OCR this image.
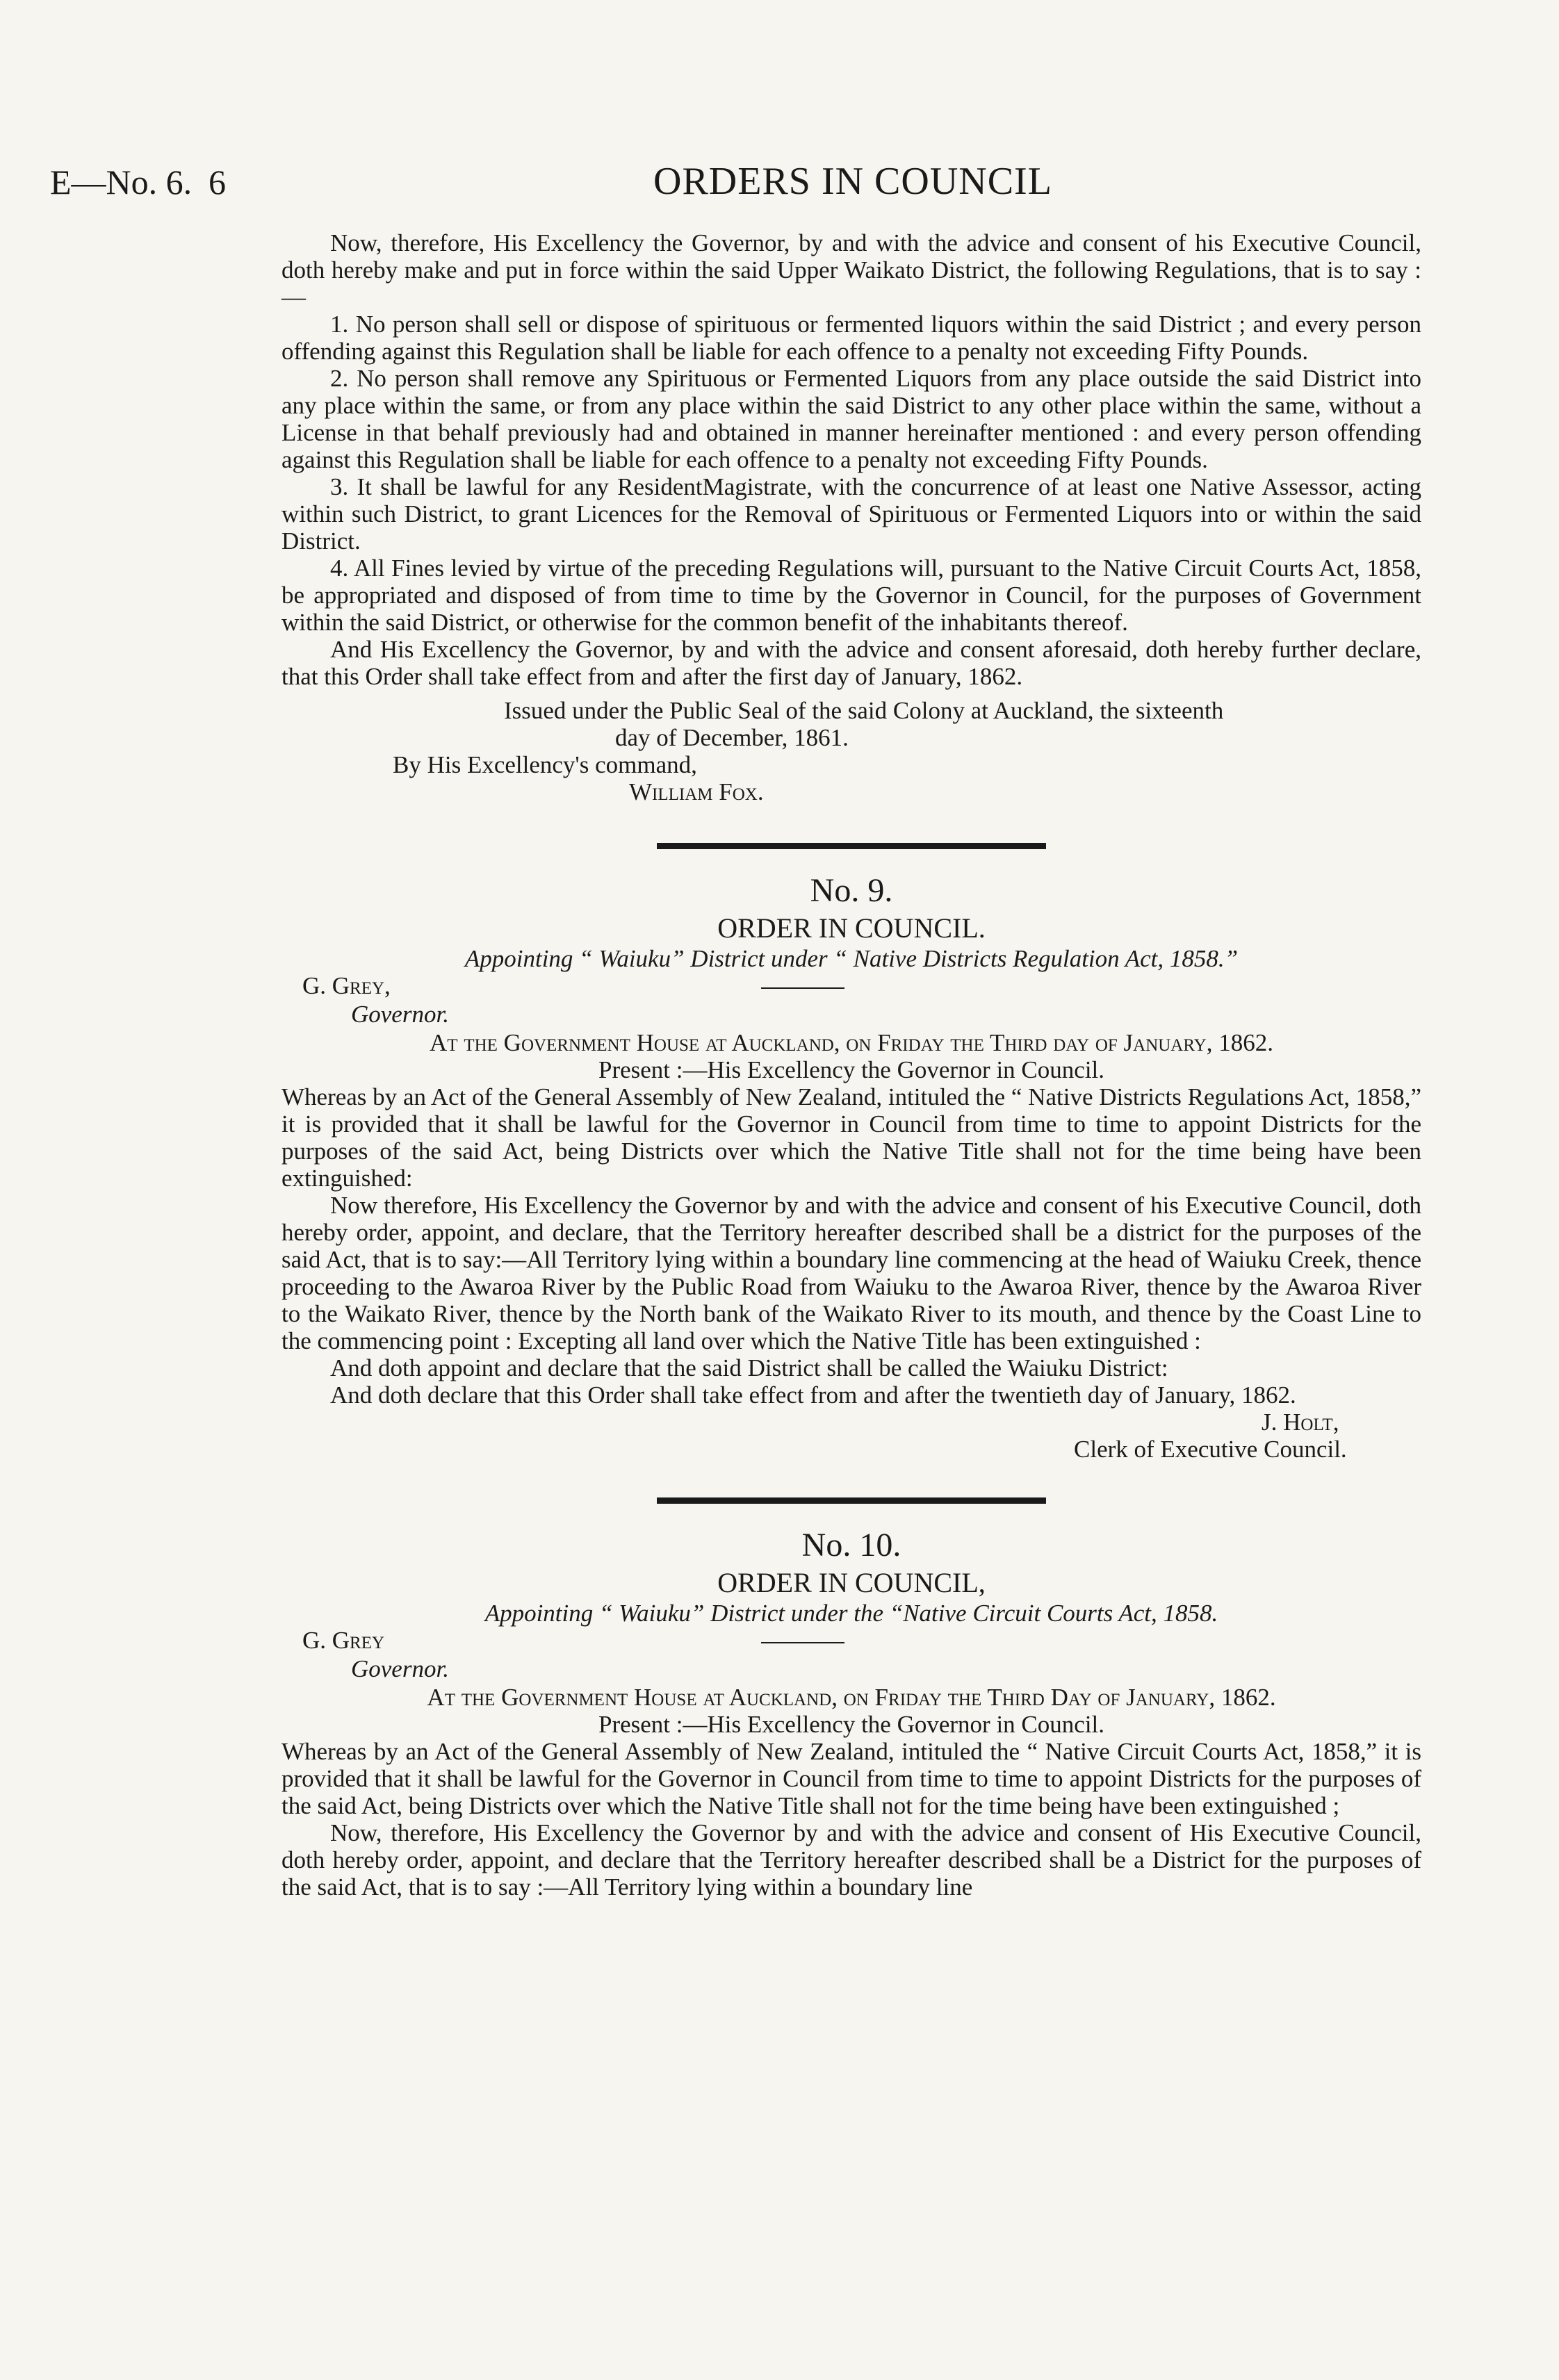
E—No. 6. 6	ORDERS IN COUNCIL

Now, therefore, His Excellency the Governor, by and with the advice and consent of his Executive Council, doth hereby make and put in force within the said Upper Waikato District, the following Regulations, that is to say :—

1. No person shall sell or dispose of spirituous or fermented liquors within the said District ; and every person offending against this Regulation shall be liable for each offence to a penalty not exceeding Fifty Pounds.

2. No person shall remove any Spirituous or Fermented Liquors from any place outside the said District into any place within the same, or from any place within the said District to any other place within the same, without a License in that behalf previously had and obtained in manner hereinafter mentioned : and every person offending against this Regulation shall be liable for each offence to a penalty not exceeding Fifty Pounds.

3. It shall be lawful for any ResidentMagistrate, with the concurrence of at least one Native Assessor, acting within such District, to grant Licences for the Removal of Spirituous or Fermented Liquors into or within the said District.

4. All Fines levied by virtue of the preceding Regulations will, pursuant to the Native Circuit Courts Act, 1858, be appropriated and disposed of from time to time by the Governor in Council, for the purposes of Government within the said District, or otherwise for the common benefit of the inhabitants thereof.

And His Excellency the Governor, by and with the advice and consent aforesaid, doth hereby further declare, that this Order shall take effect from and after the first day of January, 1862.

Issued under the Public Seal of the said Colony at Auckland, the sixteenth
day of December, 1861.
By His Excellency's command,
William Fox.
No. 9.
ORDER IN COUNCIL.
Appointing “ Waiuku” District under “ Native Districts Regulation Act, 1858.”
G. Grey,
Governor.
At the Government House at Auckland, on Friday the Third day of January, 1862.
Present :—His Excellency the Governor in Council.

Whereas by an Act of the General Assembly of New Zealand, intituled the “ Native Districts Regulations Act, 1858,” it is provided that it shall be lawful for the Governor in Council from time to time to appoint Districts for the purposes of the said Act, being Districts over which the Native Title shall not for the time being have been extinguished:

Now therefore, His Excellency the Governor by and with the advice and consent of his Executive Council, doth hereby order, appoint, and declare, that the Territory hereafter described shall be a district for the purposes of the said Act, that is to say:—All Territory lying within a boundary line commencing at the head of Waiuku Creek, thence proceeding to the Awaroa River by the Public Road from Waiuku to the Awaroa River, thence by the Awaroa River to the Waikato River, thence by the North bank of the Waikato River to its mouth, and thence by the Coast Line to the commencing point : Excepting all land over which the Native Title has been extinguished :

And doth appoint and declare that the said District shall be called the Waiuku District:

And doth declare that this Order shall take effect from and after the twentieth day of January, 1862.

J. Holt,
Clerk of Executive Council.
No. 10.
ORDER IN COUNCIL,
Appointing “ Waiuku” District under the “Native Circuit Courts Act, 1858.
G. Grey
Governor.
At the Government House at Auckland, on Friday the Third Day of January, 1862.
Present :—His Excellency the Governor in Council.

Whereas by an Act of the General Assembly of New Zealand, intituled the “ Native Circuit Courts Act, 1858,” it is provided that it shall be lawful for the Governor in Council from time to time to appoint Districts for the purposes of the said Act, being Districts over which the Native Title shall not for the time being have been extinguished ;

Now, therefore, His Excellency the Governor by and with the advice and consent of His Executive Council, doth hereby order, appoint, and declare that the Territory hereafter described shall be a District for the purposes of the said Act, that is to say :—All Territory lying within a boundary line
